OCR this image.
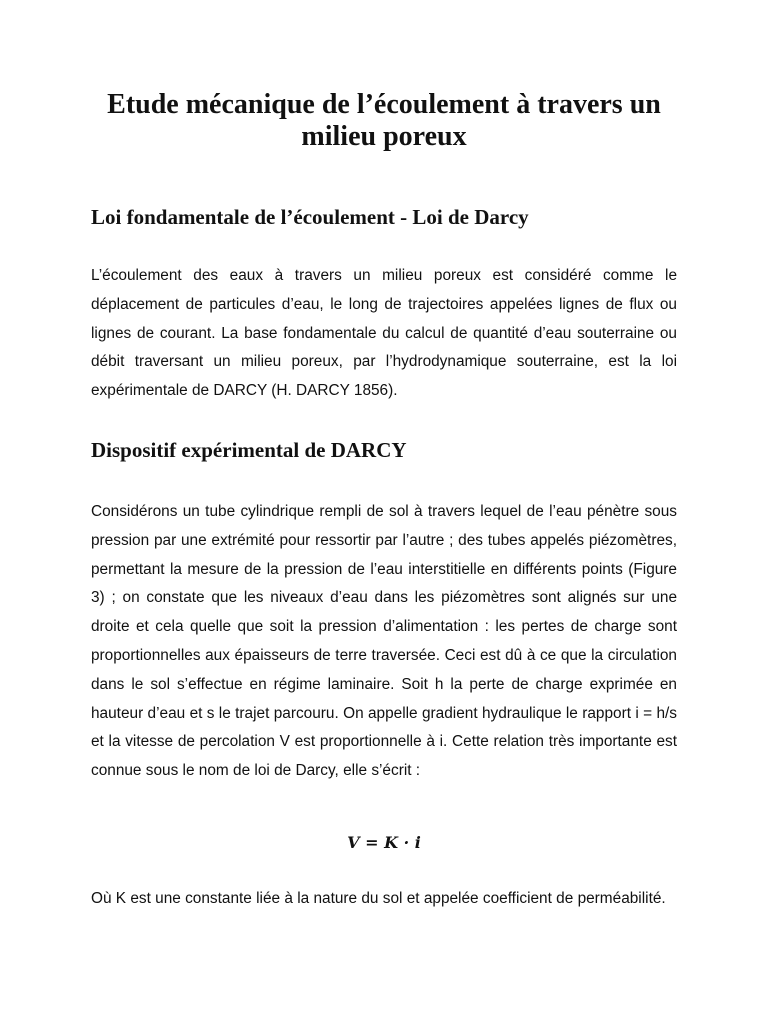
Etude mécanique de l’écoulement à travers un milieu poreux
Loi fondamentale de l’écoulement - Loi de Darcy

L’écoulement des eaux à travers un milieu poreux est considéré comme le déplacement de particules d’eau, le long de trajectoires appelées lignes de flux ou lignes de courant. La base fondamentale du calcul de quantité d’eau souterraine ou débit traversant un milieu poreux, par l’hydrodynamique souterraine, est la loi expérimentale de DARCY (H. DARCY 1856).

Dispositif expérimental de DARCY

Considérons un tube cylindrique rempli de sol à travers lequel de l’eau pénètre sous pression par une extrémité pour ressortir par l’autre ; des tubes appelés piézomètres, permettant la mesure de la pression de l’eau interstitielle en différents points (Figure 3) ; on constate que les niveaux d’eau dans les piézomètres sont alignés sur une droite et cela quelle que soit la pression d’alimentation : les pertes de charge sont proportionnelles aux épaisseurs de terre traversée. Ceci est dû à ce que la circulation dans le sol s’effectue en régime laminaire. Soit h la perte de charge exprimée en hauteur d’eau et s le trajet parcouru. On appelle gradient hydraulique le rapport i = h/s et la vitesse de percolation V est proportionnelle à i. Cette relation très importante est connue sous le nom de loi de Darcy, elle s’écrit :

V = K · i

Où K est une constante liée à la nature du sol et appelée coefficient de perméabilité.
